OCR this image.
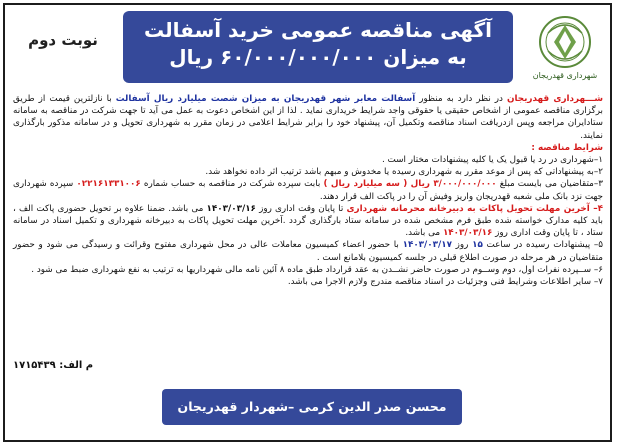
نوبت دوم	آگهی مناقصه عمومی خرید آسفالت
به میزان ۶۰/۰۰۰/۰۰۰/۰۰۰ ریال
شهرداری قهدریجان

شـــهرداری قهدریجان در نظر دارد به منظور آسفالت معابر شهر قهدریجان به میزان شصت میلیارد ریال آسفالت با نازلترین قیمت از طریق برگزاری مناقصه عمومی از اشخاص حقیقی یا حقوقی واجد شرایط خریداری نماید . لذا از این اشخاص دعوت به عمل می آید تا جهت شرکت در مناقصه به سامانه ستادایران مراجعه وپس ازدریافت اسناد مناقصه وتکمیل آن، پیشنهاد خود را برابر شرایط اعلامی در زمان مقرر به شهرداری تحویل و در سامانه مذکور بارگذاری نمایند.

شرایط مناقصه :

۱–شهرداری در رد یا قبول یک یا کلیه پیشنهادات مختار است .

۲–به پیشنهاداتی که پس از موعد مقرر به شهرداری رسیده یا مخدوش و مبهم باشد ترتیب اثر داده نخواهد شد.

۳–متقاضیان می بایست مبلغ ۳/۰۰۰/۰۰۰/۰۰۰ ریال ( سه میلیارد ریال ) بابت سپرده شرکت در مناقصه به حساب شماره ۰۲۲۱۶۱۳۳۱۰۰۶ سپرده شهرداری جهت نزد بانک ملی شعبه قهدریجان واریز وفیش آن را در پاکت الف قرار دهند.

۴– آخرین مهلت تحویل پاکات به دبیرخانه محرمانه شهرداری تا پایان وقت اداری روز ۱۴۰۳/۰۳/۱۶ می باشد. ضمنا علاوه بر تحویل حضوری پاکت الف ، باید کلیه مدارک خواسته شده طبق فرم مشخص شده در سامانه ستاد بارگذاری گردد .آخرین مهلت تحویل پاکات به دبیرخانه شهرداری و تکمیل اسناد در سامانه ستاد ، تا پایان وقت اداری روز ۱۴۰۳/۰۳/۱۶ می باشد.

۵– پیشنهادات رسیده در ساعت ۱۵ روز ۱۴۰۳/۰۳/۱۷ با حضور اعضاء کمیسیون معاملات عالی در محل شهرداری مفتوح وقرائت و رسیدگی می شود و حضور متقاضیان در هر مرحله در صورت اطلاع قبلی در جلسه کمیسیون بلامانع است .

۶– ســپرده نفرات اول، دوم وســوم در صورت حاضر نشــدن به عقد قرارداد طبق ماده ۸ آئین نامه مالی شهرداریها به ترتیب به نفع شهرداری ضبط می شود .

۷– سایر اطلاعات وشرایط فنی وجزئیات در اسناد مناقصه مندرج ولازم الاجرا می باشد.

م الف: ۱۷۱۵۴۳۹
محسن صدر الدین کرمی –شهردار قهدریجان
